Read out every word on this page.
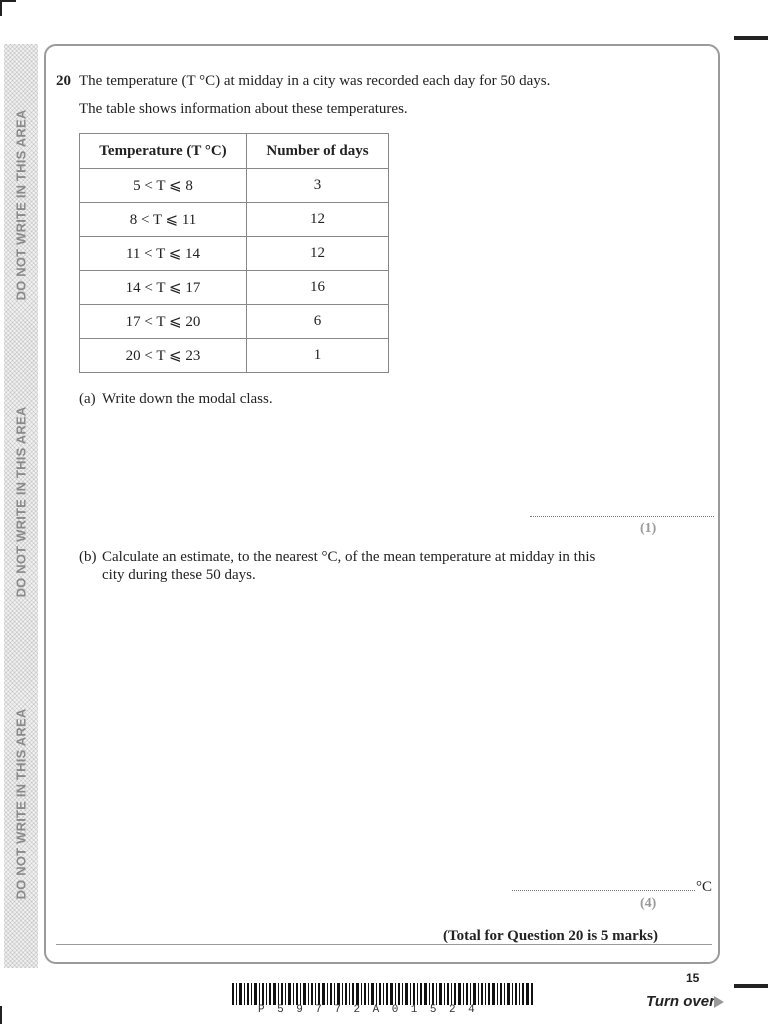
DO NOT WRITE IN THIS AREA
DO NOT WRITE IN THIS AREA
DO NOT WRITE IN THIS AREA
20 The temperature (T °C) at midday in a city was recorded each day for 50 days.
The table shows information about these temperatures.
Temperature (T °C)	Number of days
5 < T ⩽ 8	3
8 < T ⩽ 11	12
11 < T ⩽ 14	12
14 < T ⩽ 17	16
17 < T ⩽ 20	6
20 < T ⩽ 23	1
(a) Write down the modal class.
(1)
(b) Calculate an estimate, to the nearest °C, of the mean temperature at midday in this
city during these 50 days.
°C
(4)
(Total for Question 20 is 5 marks)
P59772A01524
15
Turn over
